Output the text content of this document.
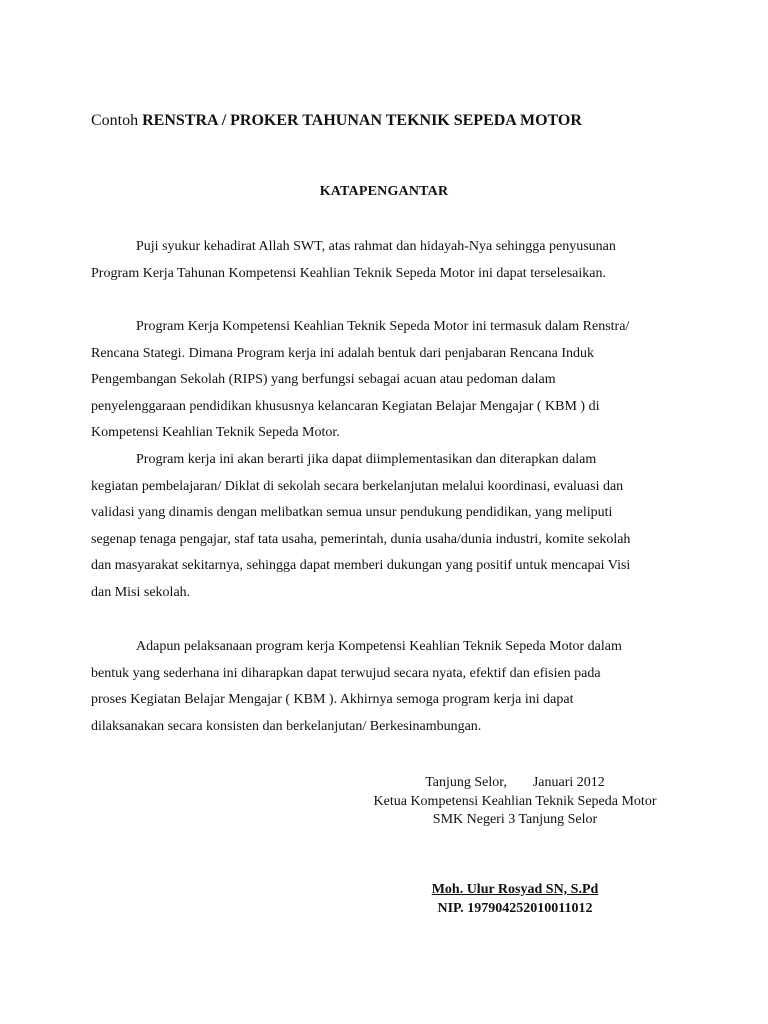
Contoh RENSTRA / PROKER TAHUNAN TEKNIK SEPEDA MOTOR
KATAPENGANTAR

Puji syukur kehadirat Allah SWT, atas rahmat dan hidayah-Nya sehingga penyusunan
Program Kerja Tahunan Kompetensi Keahlian Teknik Sepeda Motor ini dapat terselesaikan.

Program Kerja Kompetensi Keahlian Teknik Sepeda Motor ini termasuk dalam Renstra/
Rencana Stategi. Dimana Program kerja ini adalah bentuk dari penjabaran Rencana Induk
Pengembangan Sekolah (RIPS) yang berfungsi sebagai acuan atau pedoman dalam
penyelenggaraan pendidikan khususnya kelancaran Kegiatan Belajar Mengajar ( KBM ) di
Kompetensi Keahlian Teknik Sepeda Motor.

Program kerja ini akan berarti jika dapat diimplementasikan dan diterapkan dalam
kegiatan pembelajaran/ Diklat di sekolah secara berkelanjutan melalui koordinasi, evaluasi dan
validasi yang dinamis dengan melibatkan semua unsur pendukung pendidikan, yang meliputi
segenap tenaga pengajar, staf tata usaha, pemerintah, dunia usaha/dunia industri, komite sekolah
dan masyarakat sekitarnya, sehingga dapat memberi dukungan yang positif untuk mencapai Visi
dan Misi sekolah.

Adapun pelaksanaan program kerja Kompetensi Keahlian Teknik Sepeda Motor dalam
bentuk yang sederhana ini diharapkan dapat terwujud secara nyata, efektif dan efisien pada
proses Kegiatan Belajar Mengajar ( KBM ). Akhirnya semoga program kerja ini dapat
dilaksanakan secara konsisten dan berkelanjutan/ Berkesinambungan.

Tanjung Selor, Januari 2012
Ketua Kompetensi Keahlian Teknik Sepeda Motor
SMK Negeri 3 Tanjung Selor
Moh. Ulur Rosyad SN, S.Pd
NIP. 197904252010011012
